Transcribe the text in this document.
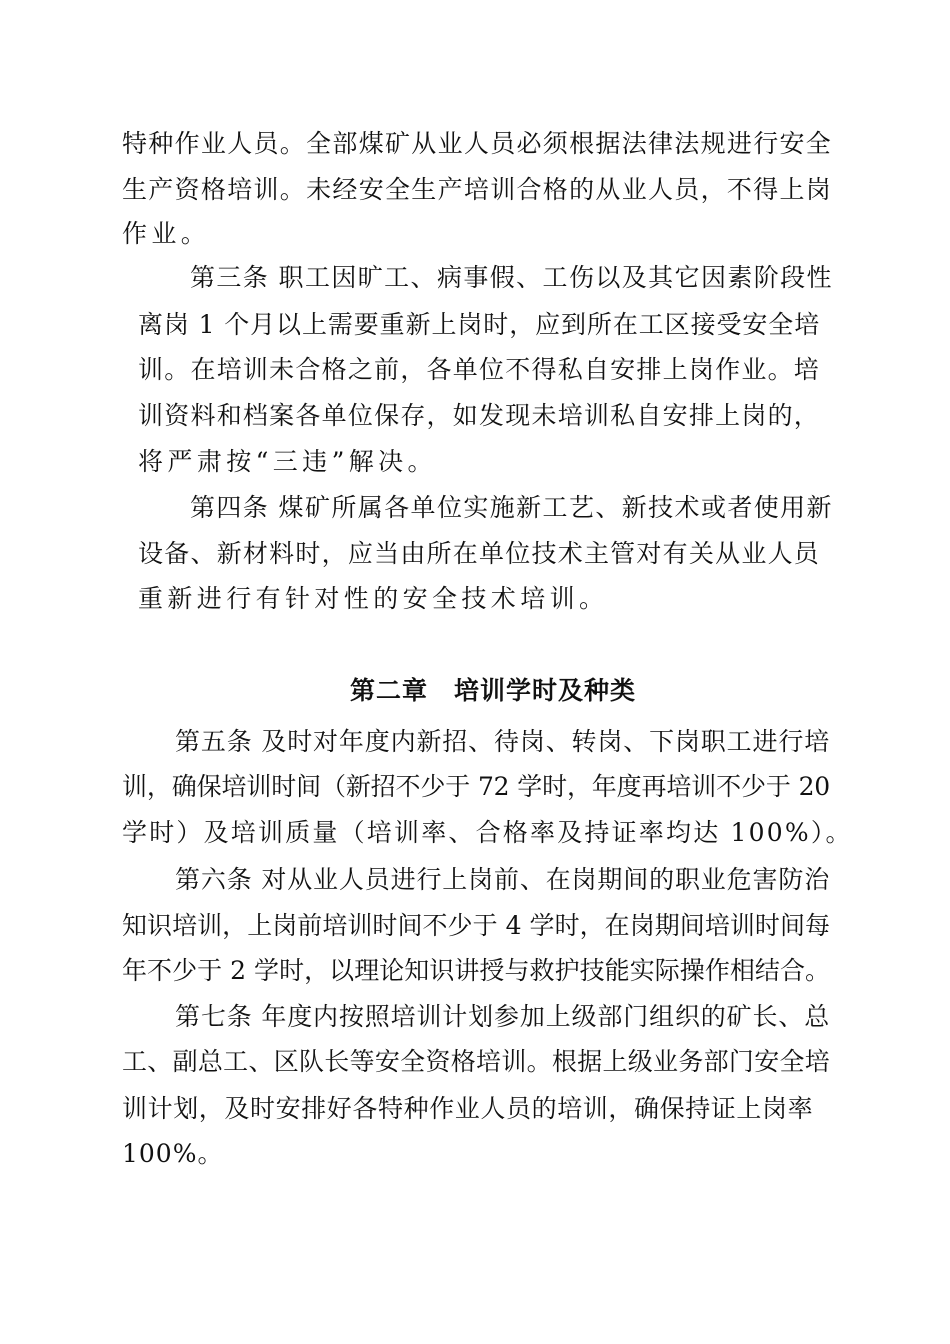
特种作业人员。全部煤矿从业人员必须根据法律法规进行安全
生产资格培训。未经安全生产培训合格的从业人员，不得上岗
作业。
第三条 职工因旷工、病事假、工伤以及其它因素阶段性
离岗 1 个月以上需要重新上岗时，应到所在工区接受安全培
训。在培训未合格之前，各单位不得私自安排上岗作业。培
训资料和档案各单位保存，如发现未培训私自安排上岗的，
将严肃按“三违”解决。
第四条 煤矿所属各单位实施新工艺、新技术或者使用新
设备、新材料时，应当由所在单位技术主管对有关从业人员
重新进行有针对性的安全技术培训。
第二章　培训学时及种类
第五条 及时对年度内新招、待岗、转岗、下岗职工进行培
训，确保培训时间（新招不少于 72 学时，年度再培训不少于 20
学时）及培训质量（培训率、合格率及持证率均达 100%）。
第六条 对从业人员进行上岗前、在岗期间的职业危害防治
知识培训，上岗前培训时间不少于 4 学时，在岗期间培训时间每
年不少于 2 学时，以理论知识讲授与救护技能实际操作相结合。
第七条 年度内按照培训计划参加上级部门组织的矿长、总
工、副总工、区队长等安全资格培训。根据上级业务部门安全培
训计划，及时安排好各特种作业人员的培训，确保持证上岗率
100%。
